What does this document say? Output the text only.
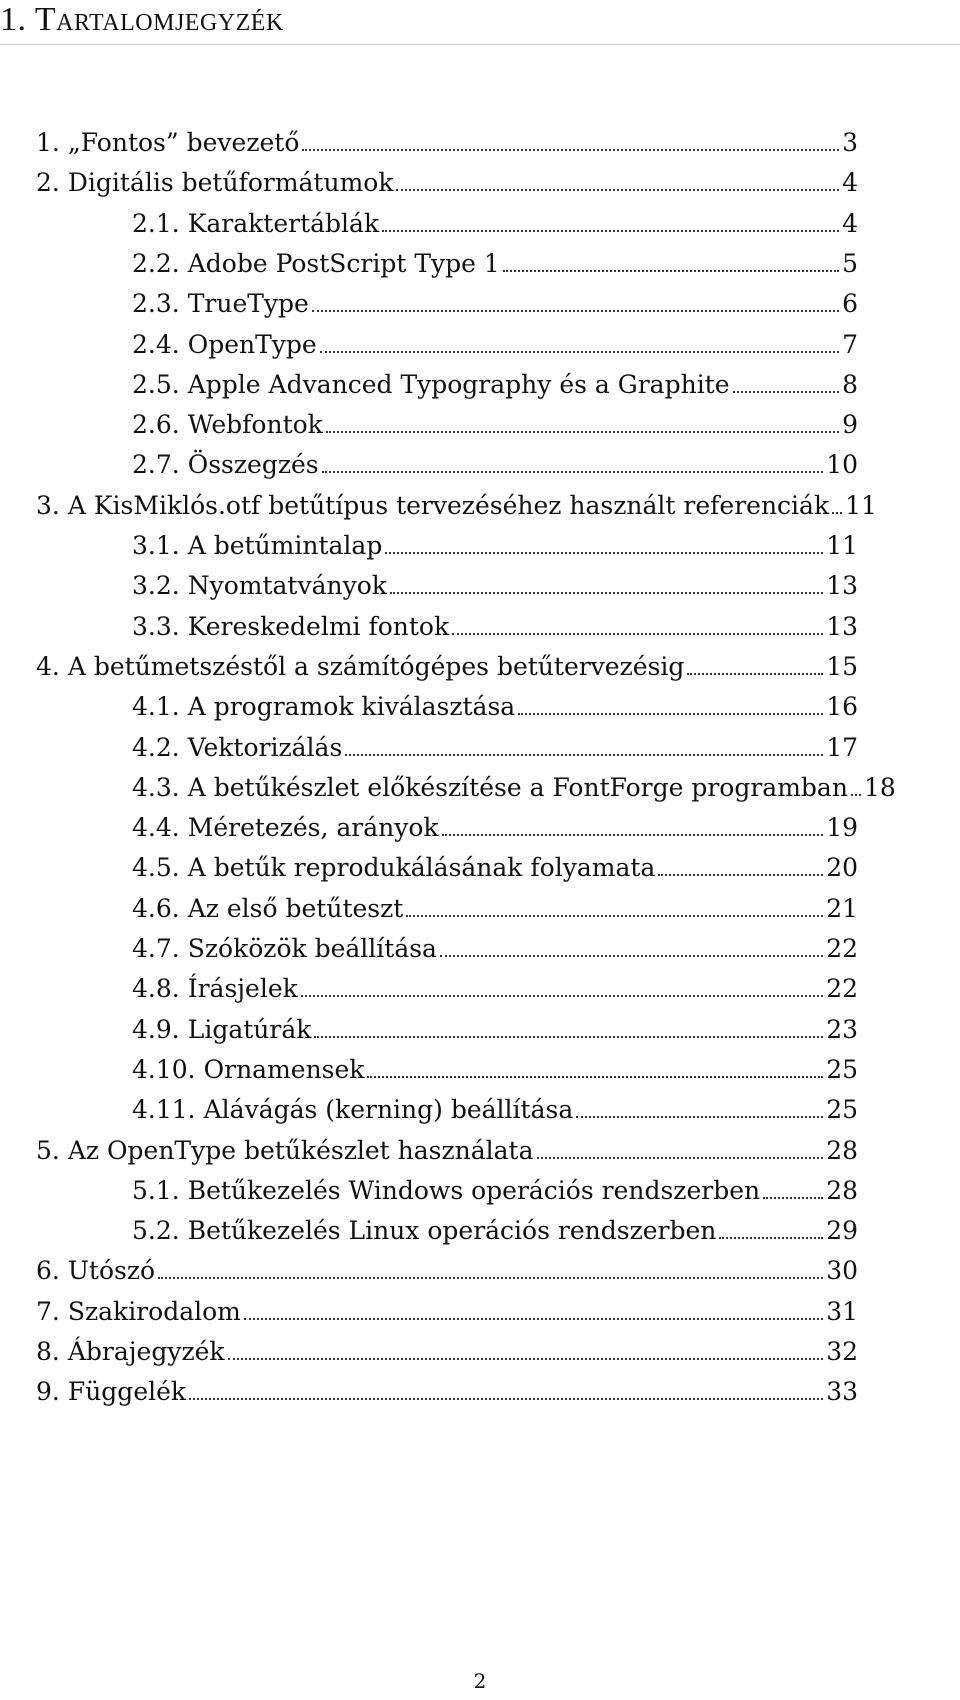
1. Tartalomjegyzék
1. „Fontos” bevezető	3
2. Digitális betűformátumok	4
2.1. Karaktertáblák	4
2.2. Adobe PostScript Type 1	5
2.3. TrueType	6
2.4. OpenType	7
2.5. Apple Advanced Typography és a Graphite	8
2.6. Webfontok	9
2.7. Összegzés	10
3. A KisMiklós.otf betűtípus tervezéséhez használt referenciák 11
3.1. A betűmintalap	11
3.2. Nyomtatványok	13
3.3. Kereskedelmi fontok	13
4. A betűmetszéstől a számítógépes betűtervezésig	15
4.1. A programok kiválasztása	16
4.2. Vektorizálás	17
4.3. A betűkészlet előkészítése a FontForge programban 18
4.4. Méretezés, arányok	19
4.5. A betűk reprodukálásának folyamata	20
4.6. Az első betűteszt	21
4.7. Szóközök beállítása	22
4.8. Írásjelek	22
4.9. Ligatúrák	23
4.10. Ornamensek	25
4.11. Alávágás (kerning) beállítása	25
5. Az OpenType betűkészlet használata	28
5.1. Betűkezelés Windows operációs rendszerben	28
5.2. Betűkezelés Linux operációs rendszerben	29
6. Utószó	30
7. Szakirodalom	31
8. Ábrajegyzék	32
9. Függelék	33
2
